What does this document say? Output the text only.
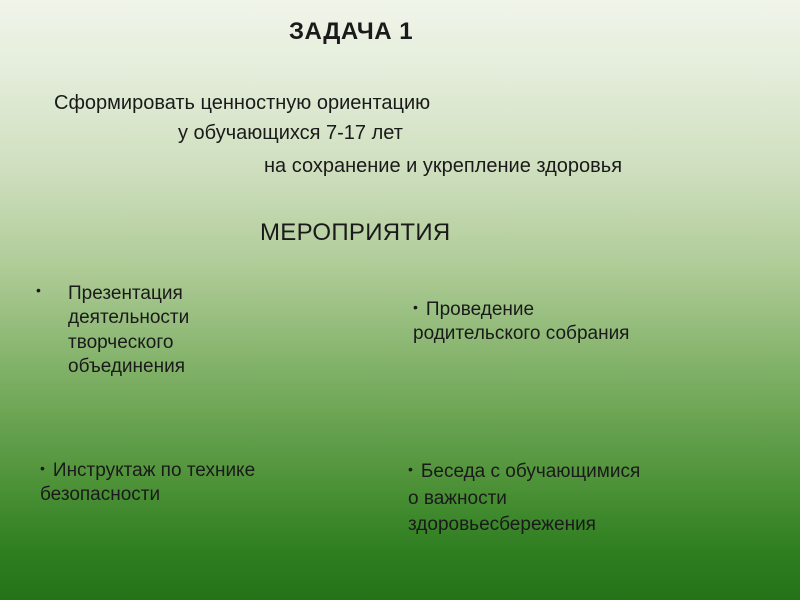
ЗАДАЧА 1

Сформировать ценностную ориентацию

у обучающихся 7-17 лет

на сохранение и укрепление здоровья

МЕРОПРИЯТИЯ
• Презентация
деятельности
творческого
объединения
• Проведение
родительского собрания
• Инструктаж по технике
безопасности
• Беседа с обучающимися
о важности
здоровьесбережения
